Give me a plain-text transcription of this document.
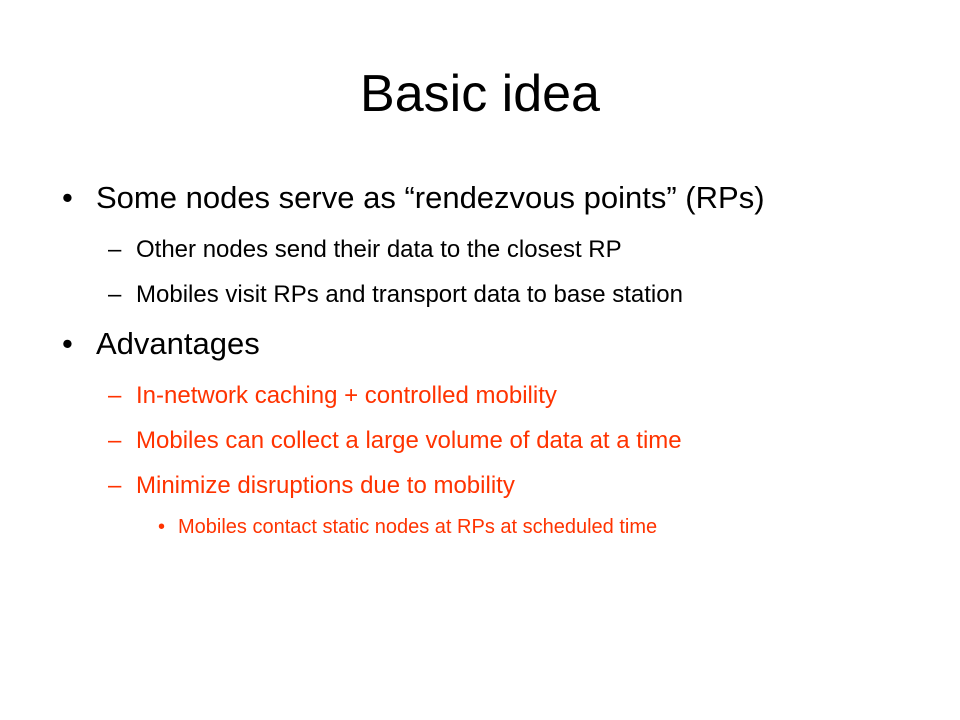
Basic idea
• Some nodes serve as “rendezvous points” (RPs)
– Other nodes send their data to the closest RP
– Mobiles visit RPs and transport data to base station
• Advantages
– In-network caching + controlled mobility
– Mobiles can collect a large volume of data at a time
– Minimize disruptions due to mobility
• Mobiles contact static nodes at RPs at scheduled time
